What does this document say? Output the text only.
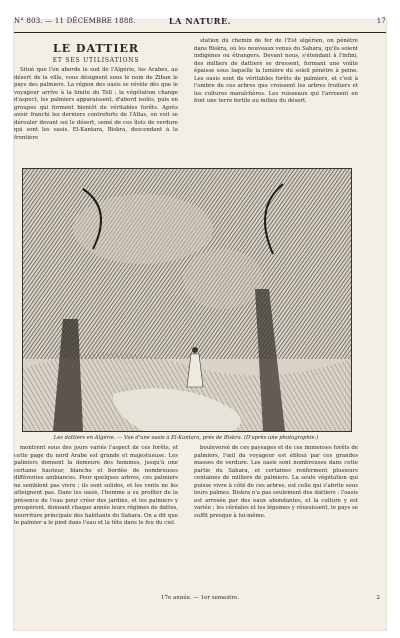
N° 803. — 11 DÉCEMBRE 1888.	LA NATURE.	17
LE DATTIER
ET SES UTILISATIONS

Situé que l'on aborde le sud de l'Algérie, les Arabes, au désert de la ville, vous désignent sous le nom de Ziban le pays des palmiers. La région des oasis se révèle dès que le voyageur arrive à la limite du Tell ; la végétation change d'aspect, les palmiers apparaissent, d'abord isolés, puis en groupes qui forment bientôt de véritables forêts. Après avoir franchi les derniers contreforts de l'Atlas, on voit se dérouler devant soi le désert, semé de ces îlots de verdure qui sont les oasis. El-Kantara, Biskra, descendant à la frontière

station du chemin de fer de l'Est algérien, on pénètre dans Biskra, où les nouveaux venus du Sahara, qu'ils soient indigènes ou étrangers. Devant nous, s'étendant à l'infini, des milliers de dattiers se dressent, formant une voûte épaisse sous laquelle la lumière du soleil pénètre à peine. Les oasis sont de véritables forêts de palmiers, et c'est à l'ombre de ces arbres que croissent les arbres fruitiers et les cultures maraîchères. Les ruisseaux qui l'arrosent en font une terre fertile au milieu du désert.

Les dattiers en Algérie. — Vue d'une oasis à El-Kantara, près de Biskra. (D'après une photographie.)

montrent sous des jours variés l'aspect de ces forêts, et cette page du nord Arabe est grande et majestueuse. Les palmiers donnent la demeure des hommes, jusqu'à une certaine hauteur, blanche et bordée de nombreuses différentes ambiances. Pour quelques arbres, ces palmiers ne semblent pas vivre ; ils sont solides, et les vents ne les atteignent pas. Dans les oasis, l'homme a su profiter de la présence de l'eau pour créer des jardins, et les palmiers y prospèrent, donnant chaque année leurs régimes de dattes, nourriture principale des habitants du Sahara. On a dit que le palmier a le pied dans l'eau et la tête dans le feu du ciel.

bouleversé de ces paysages et de ces immenses forêts de palmiers, l'œil du voyageur est ébloui par ces grandes masses de verdure. Les oasis sont nombreuses dans cette partie du Sahara, et certaines renferment plusieurs centaines de milliers de palmiers. La seule végétation qui puisse vivre à côté de ces arbres, est celle qui s'abrite sous leurs palmes. Biskra n'a pas seulement des dattiers : l'oasis est arrosée par des eaux abondantes, et la culture y est variée ; les céréales et les légumes y réussissent, le pays se suffit presque à lui-même.

17e année. — 1er semestre.	2
